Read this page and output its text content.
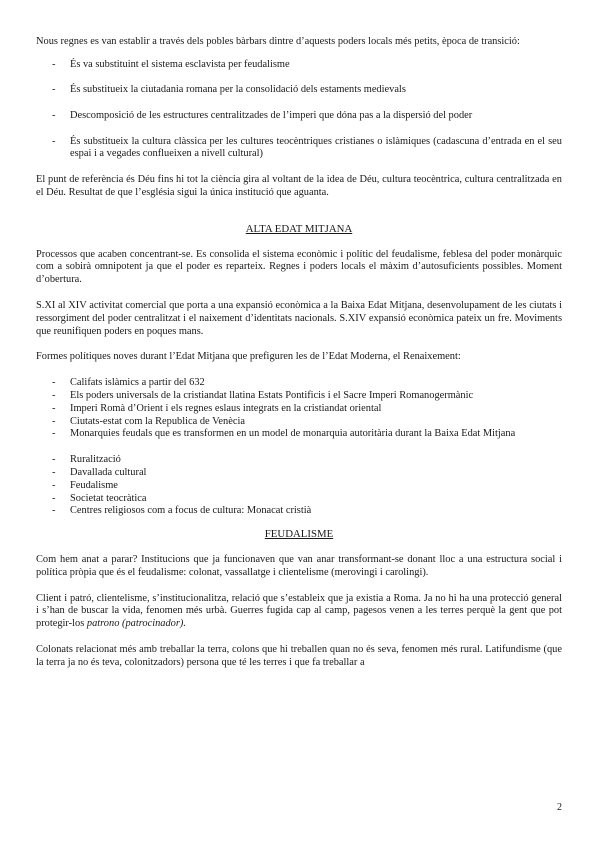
Nous regnes es van establir a través dels pobles bàrbars dintre d’aquests poders locals més petits, època de transició:

- És va substituint el sistema esclavista per feudalisme
- És substitueix la ciutadania romana per la consolidació dels estaments medievals
- Descomposició de les estructures centralitzades de l’imperi que dóna pas a la dispersió del poder
- És substitueix la cultura clàssica per les cultures teocèntriques cristianes o islàmiques (cadascuna d’entrada en el seu espai i a vegades conflueixen a nivell cultural)

El punt de referència és Déu fins hi tot la ciència gira al voltant de la idea de Déu, cultura teocèntrica, cultura centralitzada en el Déu. Resultat de que l’església sigui la única institució que aguanta.

ALTA EDAT MITJANA

Processos que acaben concentrant-se. Es consolida el sistema econòmic i polític del feudalisme, feblesa del poder monàrquic com a sobirà omnipotent ja que el poder es reparteix. Regnes i poders locals el màxim d’autosuficients possibles. Moment d’obertura.

S.XI al XIV activitat comercial que porta a una expansió econòmica a la Baixa Edat Mitjana, desenvolupament de les ciutats i ressorgiment del poder centralitzat i el naixement d’identitats nacionals. S.XIV expansió econòmica pateix un fre. Moviments que reunifiquen poders en poques mans.

Formes polítiques noves durant l’Edat Mitjana que prefiguren les de l’Edat Moderna, el Renaixement:

- Califats islàmics a partir del 632
- Els poders universals de la cristiandat llatina Estats Pontificis i el Sacre Imperi Romanogermànic
- Imperi Romà d’Orient i els regnes eslaus integrats en la cristiandat oriental
- Ciutats-estat com la Republica de Venècia
- Monarquies feudals que es transformen en un model de monarquia autoritària durant la Baixa Edat Mitjana
- Ruralització
- Davallada cultural
- Feudalisme
- Societat teocràtica
- Centres religiosos com a focus de cultura: Monacat cristià
FEUDALISME

Com hem anat a parar? Institucions que ja funcionaven que van anar transformant-se donant lloc a una estructura social i política pròpia que és el feudalisme: colonat, vassallatge i clientelisme (merovingi i carolingi).

Client i patró, clientelisme, s’institucionalitza, relació que s’estableix que ja existia a Roma. Ja no hi ha una protecció general i s’han de buscar la vida, fenomen més urbà. Guerres fugida cap al camp, pagesos venen a les terres perquè la gent que pot protegir-los patrono (patrocinador).

Colonats relacionat més amb treballar la terra, colons que hi treballen quan no és seva, fenomen més rural. Latifundisme (que la terra ja no és teva, colonitzadors) persona que té les terres i que fa treballar a

2
